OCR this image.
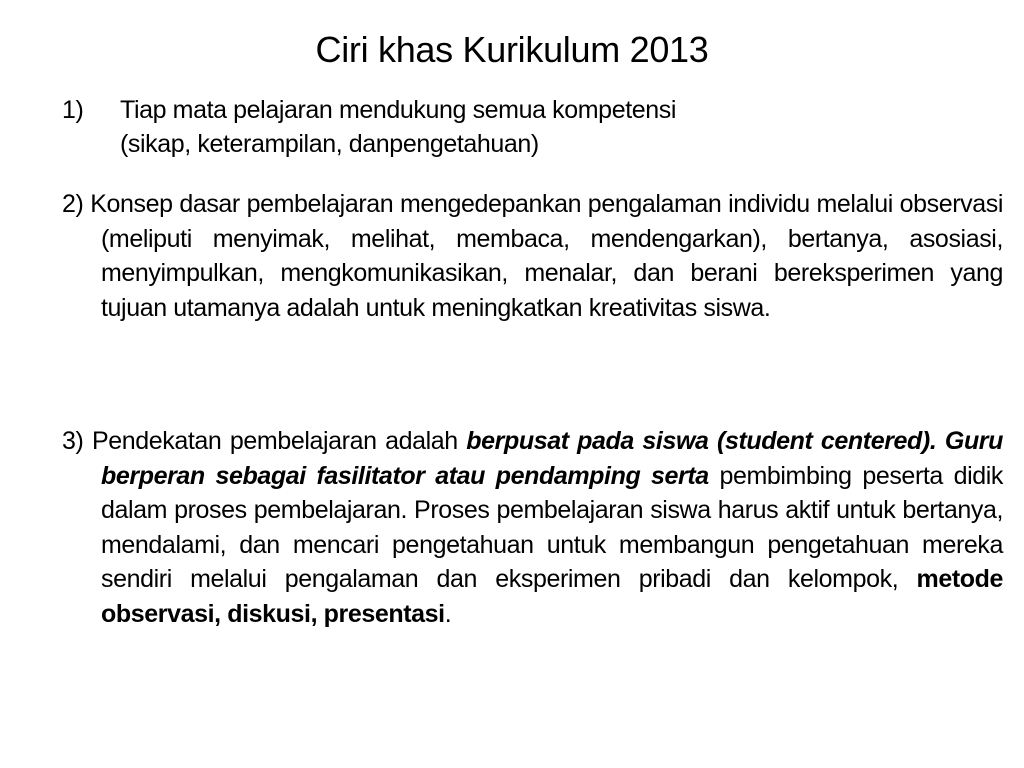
Ciri khas Kurikulum 2013
1) Tiap mata pelajaran mendukung semua kompetensi
(sikap, keterampilan, danpengetahuan)
2) Konsep dasar pembelajaran mengedepankan pengalaman individu melalui observasi (meliputi menyimak, melihat, membaca, mendengarkan), bertanya, asosiasi, menyimpulkan, mengkomunikasikan, menalar, dan berani bereksperimen yang tujuan utamanya adalah untuk meningkatkan kreativitas siswa.
3) Pendekatan pembelajaran adalah berpusat pada siswa (student centered). Guru berperan sebagai fasilitator atau pendamping serta pembimbing peserta didik dalam proses pembelajaran. Proses pembelajaran siswa harus aktif untuk bertanya, mendalami, dan mencari pengetahuan untuk membangun pengetahuan mereka sendiri melalui pengalaman dan eksperimen pribadi dan kelompok, metode observasi, diskusi, presentasi.
